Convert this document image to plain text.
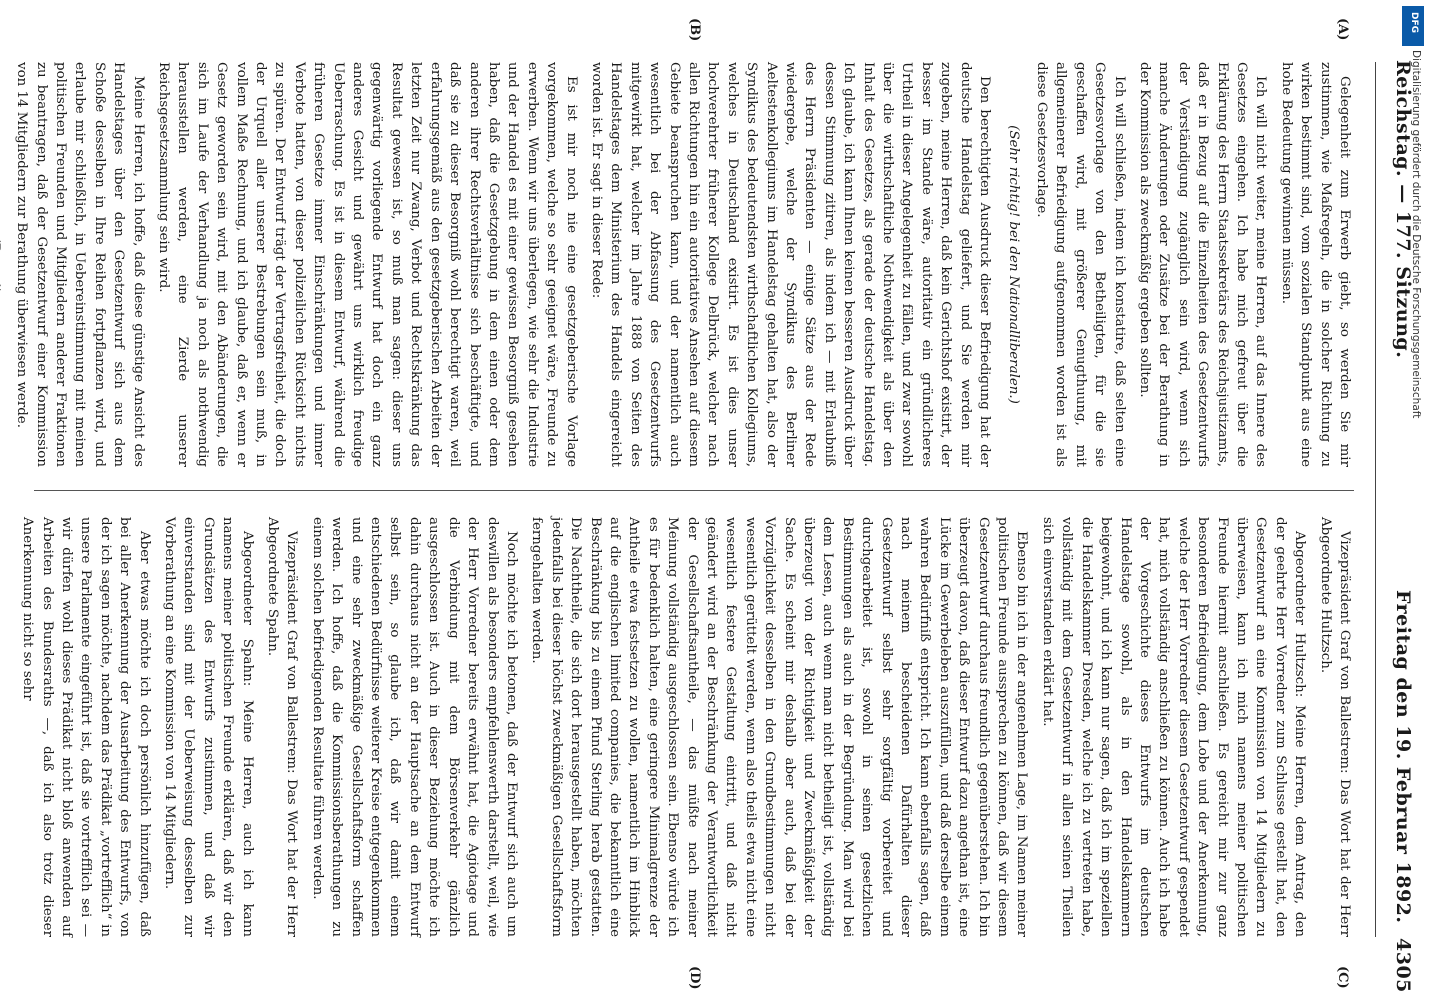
Reichstag. — 177. Sitzung.
Freitag den 19. Februar 1892.
4305
(A)
(B)
(C)
(D)

Gelegenheit zum Erwerb giebt, so werden Sie mir zustimmen, wie Maßregeln, die in solcher Richtung zu wirken bestimmt sind, vom sozialen Standpunkt aus eine hohe Bedeutung gewinnen müssen.

Ich will nicht weiter, meine Herren, auf das Innere des Gesetzes eingehen. Ich habe mich gefreut über die Erklärung des Herrn Staatssekretärs des Reichsjustizamts, daß er in Bezug auf die Einzelheiten des Gesetzentwurfs der Verständigung zugänglich sein wird, wenn sich manche Änderungen oder Zusätze bei der Berathung in der Kommission als zweckmäßig ergeben sollten.

Ich will schließen, indem ich konstatire, daß selten eine Gesetzesvorlage von den Betheiligten, für die sie geschaffen wird, mit größerer Genugthuung, mit allgemeinerer Befriedigung aufgenommen worden ist als diese Gesetzesvorlage.

(Sehr richtig! bei den Nationalliberalen.)

Den berechtigten Ausdruck dieser Befriedigung hat der deutsche Handelstag geliefert, und Sie werden mir zugeben, meine Herren, daß kein Gerichtshof existirt, der besser im Stande wäre, autoritativ ein gründlicheres Urtheil in dieser Angelegenheit zu fällen, und zwar sowohl über die wirthschaftliche Nothwendigkeit als über den Inhalt des Gesetzes, als gerade der deutsche Handelstag. Ich glaube, ich kann Ihnen keinen besseren Ausdruck über dessen Stimmung zitiren, als indem ich — mit Erlaubniß des Herrn Präsidenten — einige Sätze aus der Rede wiedergebe, welche der Syndikus des Berliner Aeltestenkollegiums im Handelstag gehalten hat, also der Syndikus des bedeutendsten wirthschaftlichen Kollegiums, welches in Deutschland existirt. Es ist dies unser hochverehrter früherer Kollege Delbrück, welcher nach allen Richtungen hin ein autoritatives Ansehen auf diesem Gebiete beanspruchen kann, und der namentlich auch wesentlich bei der Abfassung des Gesetzentwurfs mitgewirkt hat, welcher im Jahre 1888 von Seiten des Handelstages dem Ministerium des Handels eingereicht worden ist. Er sagt in dieser Rede:

Es ist mir noch nie eine gesetzgeberische Vorlage vorgekommen, welche so sehr geeignet wäre, Freunde zu erwerben. Wenn wir uns überlegen, wie sehr die Industrie und der Handel es mit einer gewissen Besorgniß gesehen haben, daß die Gesetzgebung in dem einen oder dem anderen ihrer Rechtsverhältnisse sich beschäftigte, und daß sie zu dieser Besorgniß wohl berechtigt waren, weil erfahrungsgemäß aus den gesetzgeberischen Arbeiten der letzten Zeit nur Zwang, Verbot und Rechtskränkung das Resultat gewesen ist, so muß man sagen: dieser uns gegenwärtig vorliegende Entwurf hat doch ein ganz anderes Gesicht und gewährt uns wirklich freudige Ueberraschung. Es ist in diesem Entwurf, während die früheren Gesetze immer Einschränkungen und immer Verbote hatten, von dieser polizeilichen Rücksicht nichts zu spüren. Der Entwurf trägt der Vertragsfreiheit, die doch der Urquell aller unserer Bestrebungen sein muß, in vollem Maße Rechnung, und ich glaube, daß er, wenn er Gesetz geworden sein wird, mit den Abänderungen, die sich im Laufe der Verhandlung ja noch als nothwendig herausstellen werden, eine Zierde unserer Reichsgesetzsammlung sein wird.

Meine Herren, ich hoffe, daß diese günstige Ansicht des Handelstages über den Gesetzentwurf sich aus dem Schoße desselben in Ihre Reihen fortpflanzen wird, und erlaube mir schließlich, in Uebereinstimmung mit meinen politischen Freunden und Mitgliedern anderer Fraktionen zu beantragen, daß der Gesetzentwurf einer Kommission von 14 Mitgliedern zur Berathung überwiesen werde.

Vizepräsident Graf von Ballestrem: Das Wort hat der Herr Abgeordnete Hultzsch.

Abgeordneter Hultzsch: Meine Herren, dem Antrag, den der geehrte Herr Vorredner zum Schlusse gestellt hat, den Gesetzentwurf an eine Kommission von 14 Mitgliedern zu überweisen, kann ich mich namens meiner politischen Freunde hiermit anschließen. Es gereicht mir zur ganz besonderen Befriedigung, dem Lobe und der Anerkennung, welche der Herr Vorredner diesem Gesetzentwurf gespendet hat, mich vollständig anschließen zu können. Auch ich habe der Vorgeschichte dieses Entwurfs im deutschen Handelstage sowohl, als in den Handelskammern beigewohnt, und ich kann nur sagen, daß ich im speziellen die Handelskammer Dresden, welche ich zu vertreten habe, vollständig mit dem Gesetzentwurf in allen seinen Theilen sich einverstanden erklärt hat.

Ebenso bin ich in der angenehmen Lage, im Namen meiner politischen Freunde aussprechen zu können, daß wir diesem Gesetzentwurf durchaus freundlich gegenüberstehen. Ich bin überzeugt davon, daß dieser Entwurf dazu angethan ist, eine Lücke im Gewerbeleben auszufüllen, und daß derselbe einem wahren Bedürfniß entspricht. Ich kann ebenfalls sagen, daß nach meinem bescheidenen Dafürhalten dieser Gesetzentwurf selbst sehr sorgfältig vorbereitet und durchgearbeitet ist, sowohl in seinen gesetzlichen Bestimmungen als auch in der Begründung. Man wird bei dem Lesen, auch wenn man nicht betheiligt ist, vollständig überzeugt von der Richtigkeit und Zweckmäßigkeit der Sache. Es scheint mir deshalb aber auch, daß bei der Vorzüglichkeit desselben in den Grundbestimmungen nicht wesentlich gerüttelt werden, wenn also theils etwa nicht eine wesentlich festere Gestaltung eintritt, und daß nicht geändert wird an der Beschränkung der Verantwortlichkeit der Gesellschaftsantheile, — das müßte nach meiner Meinung vollständig ausgeschlossen sein. Ebenso würde ich es für bedenklich halten, eine geringere Minimalgrenze der Antheile etwa festsetzen zu wollen, namentlich im Hinblick auf die englischen limited companies, die bekanntlich eine Beschränkung bis zu einem Pfund Sterling herab gestatten. Die Nachtheile, die sich dort herausgestellt haben, möchten jedenfalls bei dieser höchst zweckmäßigen Gesellschaftsform ferngehalten werden.

Noch möchte ich betonen, daß der Entwurf sich auch um deswillen als besonders empfehlenswerth darstellt, weil, wie der Herr Vorredner bereits erwähnt hat, die Agiotage und die Verbindung mit dem Börsenverkehr gänzlich ausgeschlossen ist. Auch in dieser Beziehung möchte ich dahin durchaus nicht an der Hauptsache an dem Entwurf selbst sein, so glaube ich, daß wir damit einem entschiedenen Bedürfnisse weiterer Kreise entgegenkommen und eine sehr zweckmäßige Gesellschaftsform schaffen werden. Ich hoffe, daß die Kommissionsberathungen zu einem solchen befriedigenden Resultate führen werden.

Vizepräsident Graf von Ballestrem: Das Wort hat der Herr Abgeordnete Spahn.

Abgeordneter Spahn: Meine Herren, auch ich kann namens meiner politischen Freunde erklären, daß wir den Grundsätzen des Entwurfs zustimmen, und daß wir einverstanden sind mit der Ueberweisung desselben zur Vorberathung an eine Kommission von 14 Mitgliedern.

Aber etwas möchte ich doch persönlich hinzufügen, daß bei aller Anerkennung der Ausarbeitung des Entwurfs, von der ich sagen möchte, nachdem das Prädikat „vortrefflich“ in unsere Parlamente eingeführt ist, daß sie vortrefflich sei — wir dürfen wohl dieses Prädikat nicht bloß anwenden auf Arbeiten des Bundesraths —, daß ich also trotz dieser Anerkennung nicht so sehr

DFG
Digitalisierung gefördert durch die Deutsche Forschungsgemeinschaft
